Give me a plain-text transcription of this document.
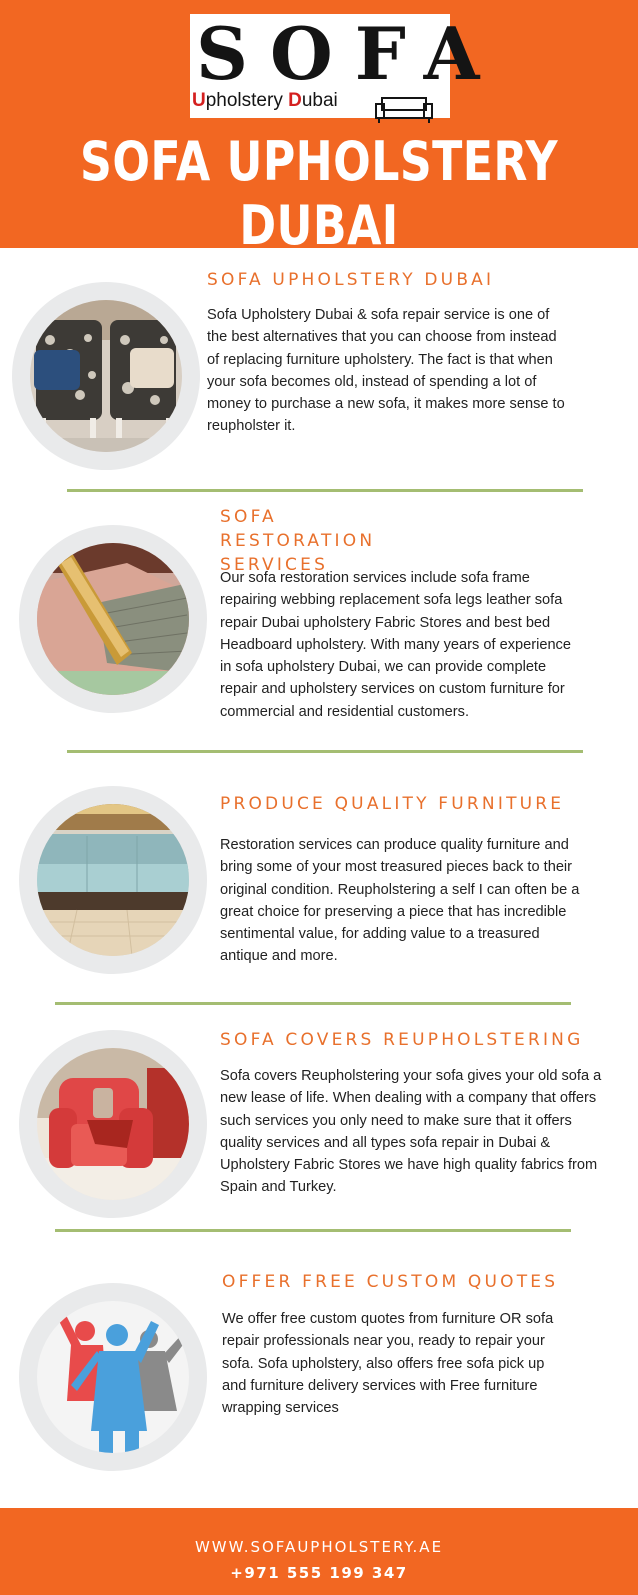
SOFA
Upholstery Dubai
SOFA UPHOLSTERY DUBAI
SOFA UPHOLSTERY DUBAI
Sofa Upholstery Dubai & sofa repair service is one of the best alternatives that you can choose from instead of replacing furniture upholstery. The fact is that when your sofa becomes old, instead of spending a lot of money to purchase a new sofa, it makes more sense to reupholster it.
SOFA RESTORATION SERVICES
Our sofa restoration services include sofa frame repairing webbing replacement sofa legs leather sofa repair Dubai upholstery Fabric Stores and best bed Headboard upholstery. With many years of experience in sofa upholstery Dubai, we can provide complete repair and upholstery services on custom furniture for commercial and residential customers.
PRODUCE QUALITY FURNITURE
Restoration services can produce quality furniture and bring some of your most treasured pieces back to their original condition. Reupholstering a self I can often be a great choice for preserving a piece that has incredible sentimental value, for adding value to a treasured antique and more.
SOFA COVERS REUPHOLSTERING
Sofa covers Reupholstering your sofa gives your old sofa a new lease of life. When dealing with a company that offers such services you only need to make sure that it offers quality services and all types sofa repair in Dubai & Upholstery Fabric Stores we have high quality fabrics from Spain and Turkey.
OFFER FREE CUSTOM QUOTES
We offer free custom quotes from furniture OR sofa repair professionals near you, ready to repair your sofa. Sofa upholstery, also offers free sofa pick up and furniture delivery services with Free furniture wrapping services
WWW.SOFAUPHOLSTERY.AE
+971 555 199 347
